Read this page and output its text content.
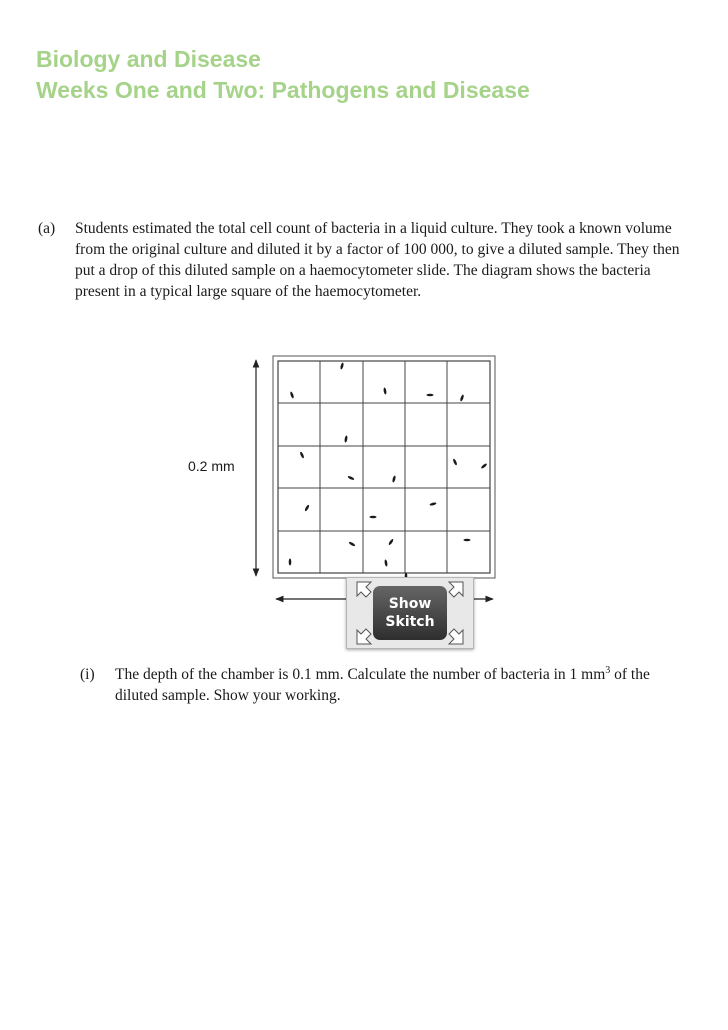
Biology and Disease
Weeks One and Two: Pathogens and Disease
(a) Students estimated the total cell count of bacteria in a liquid culture. They took a known volume from the original culture and diluted it by a factor of 100 000, to give a diluted sample. They then put a drop of this diluted sample on a haemocytometer slide. The diagram shows the bacteria present in a typical large square of the haemocytometer.
0.2 mm
Show
Skitch
(i) The depth of the chamber is 0.1 mm. Calculate the number of bacteria in 1 $mm^3$ of the diluted sample. Show your working.
